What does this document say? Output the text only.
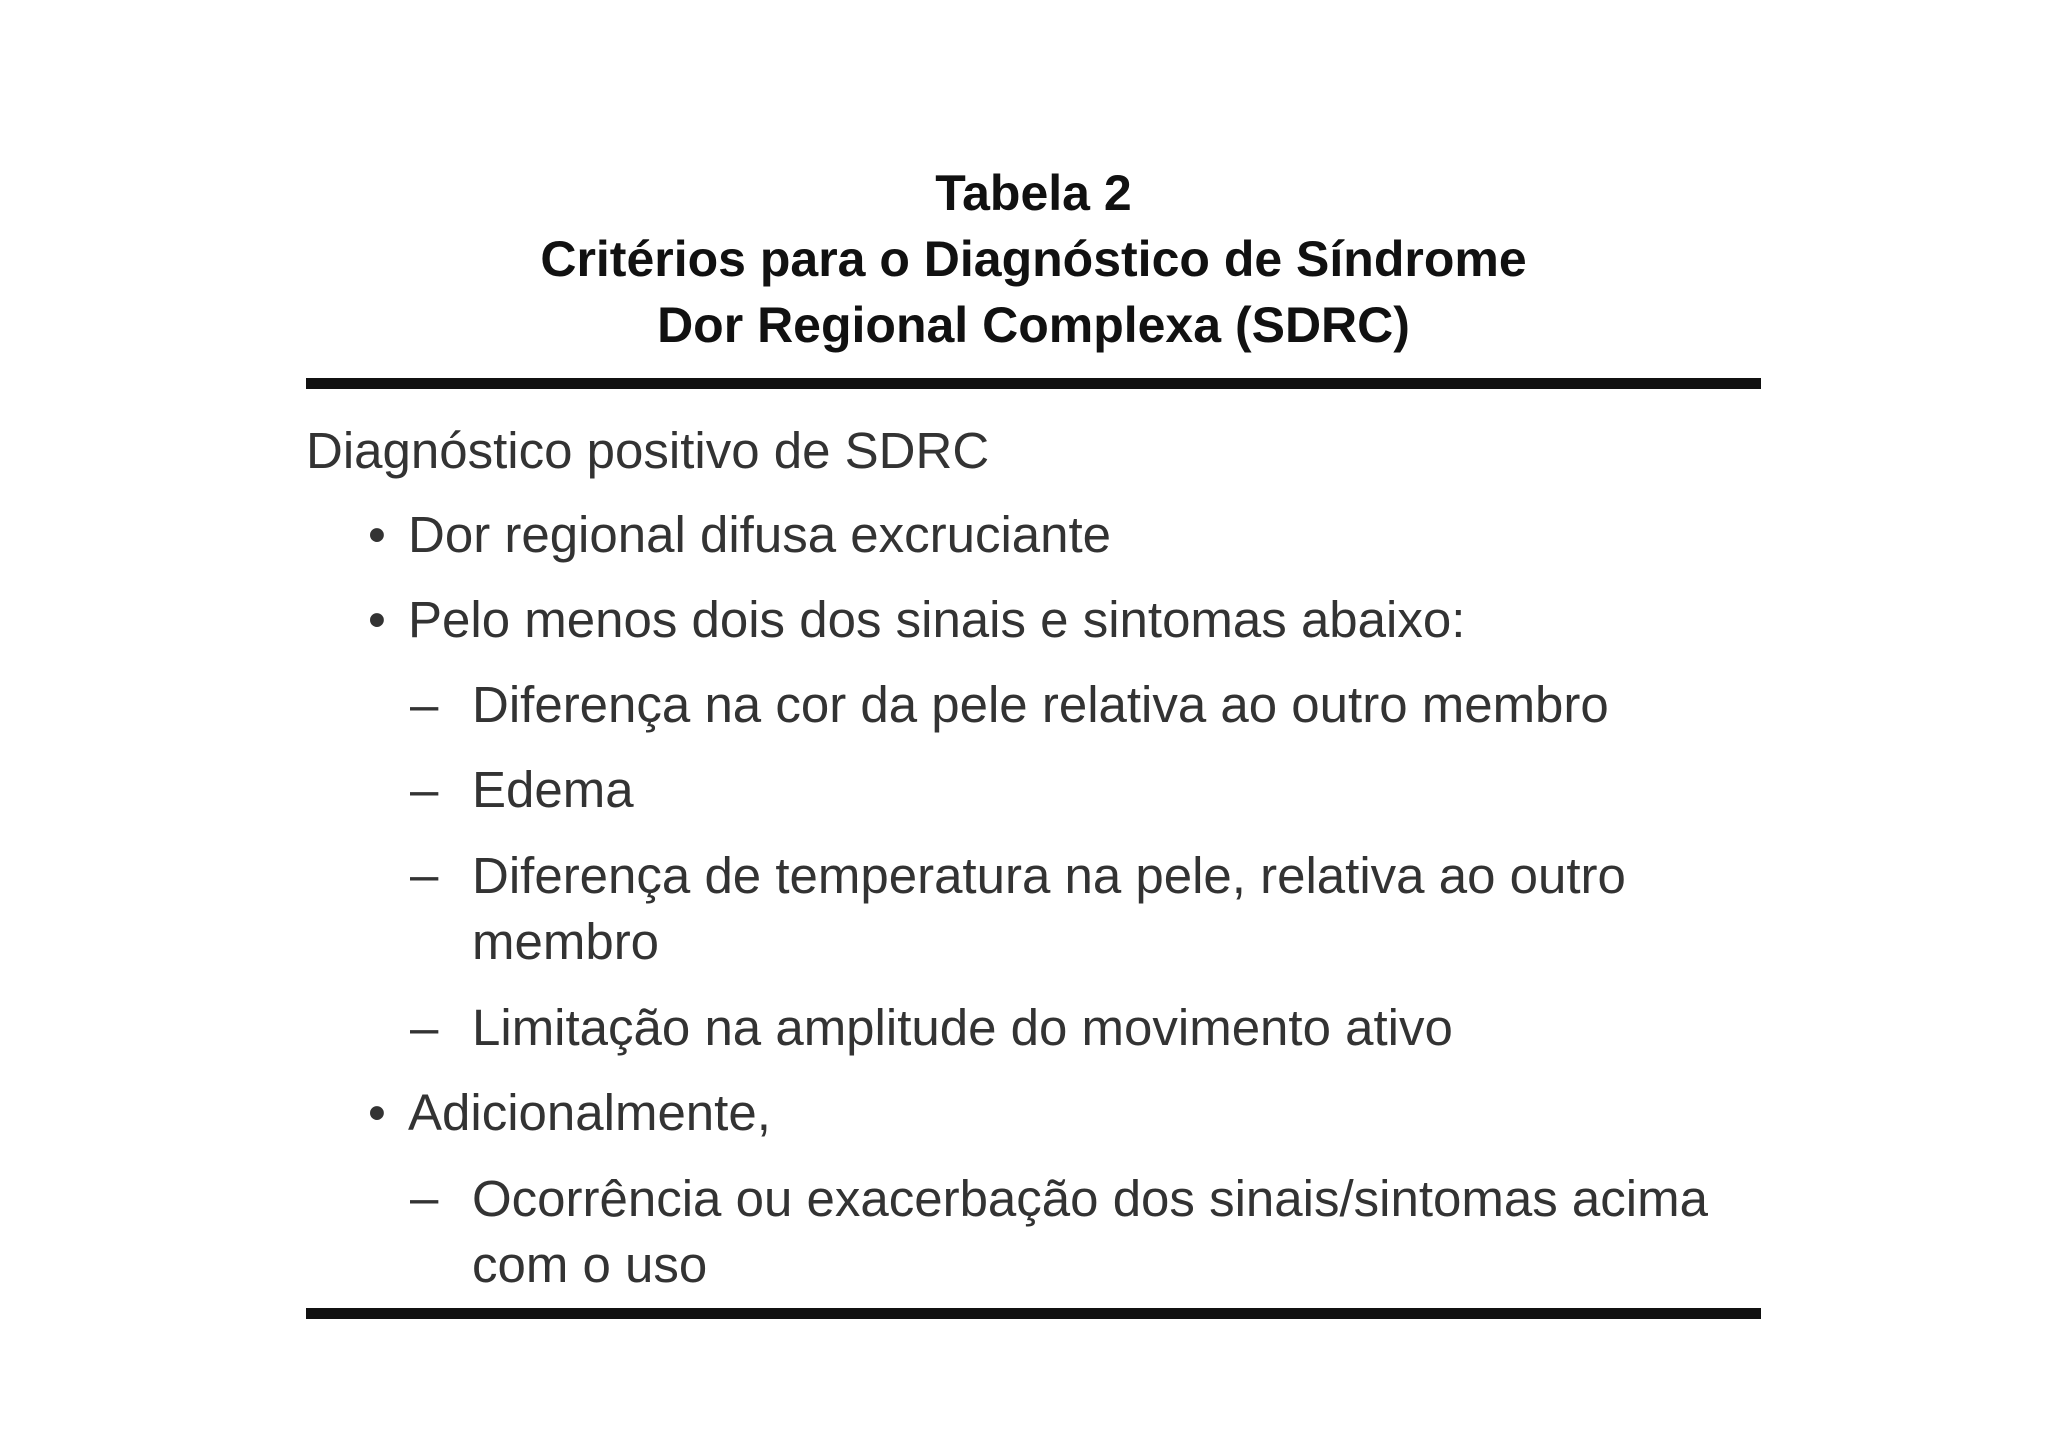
Tabela 2
Critérios para o Diagnóstico de Síndrome
Dor Regional Complexa (SDRC)
Diagnóstico positivo de SDRC
• Dor regional difusa excruciante
• Pelo menos dois dos sinais e sintomas abaixo:
– Diferença na cor da pele relativa ao outro membro
– Edema
– Diferença de temperatura na pele, relativa ao outro membro
– Limitação na amplitude do movimento ativo
• Adicionalmente,
– Ocorrência ou exacerbação dos sinais/sintomas acima com o uso
